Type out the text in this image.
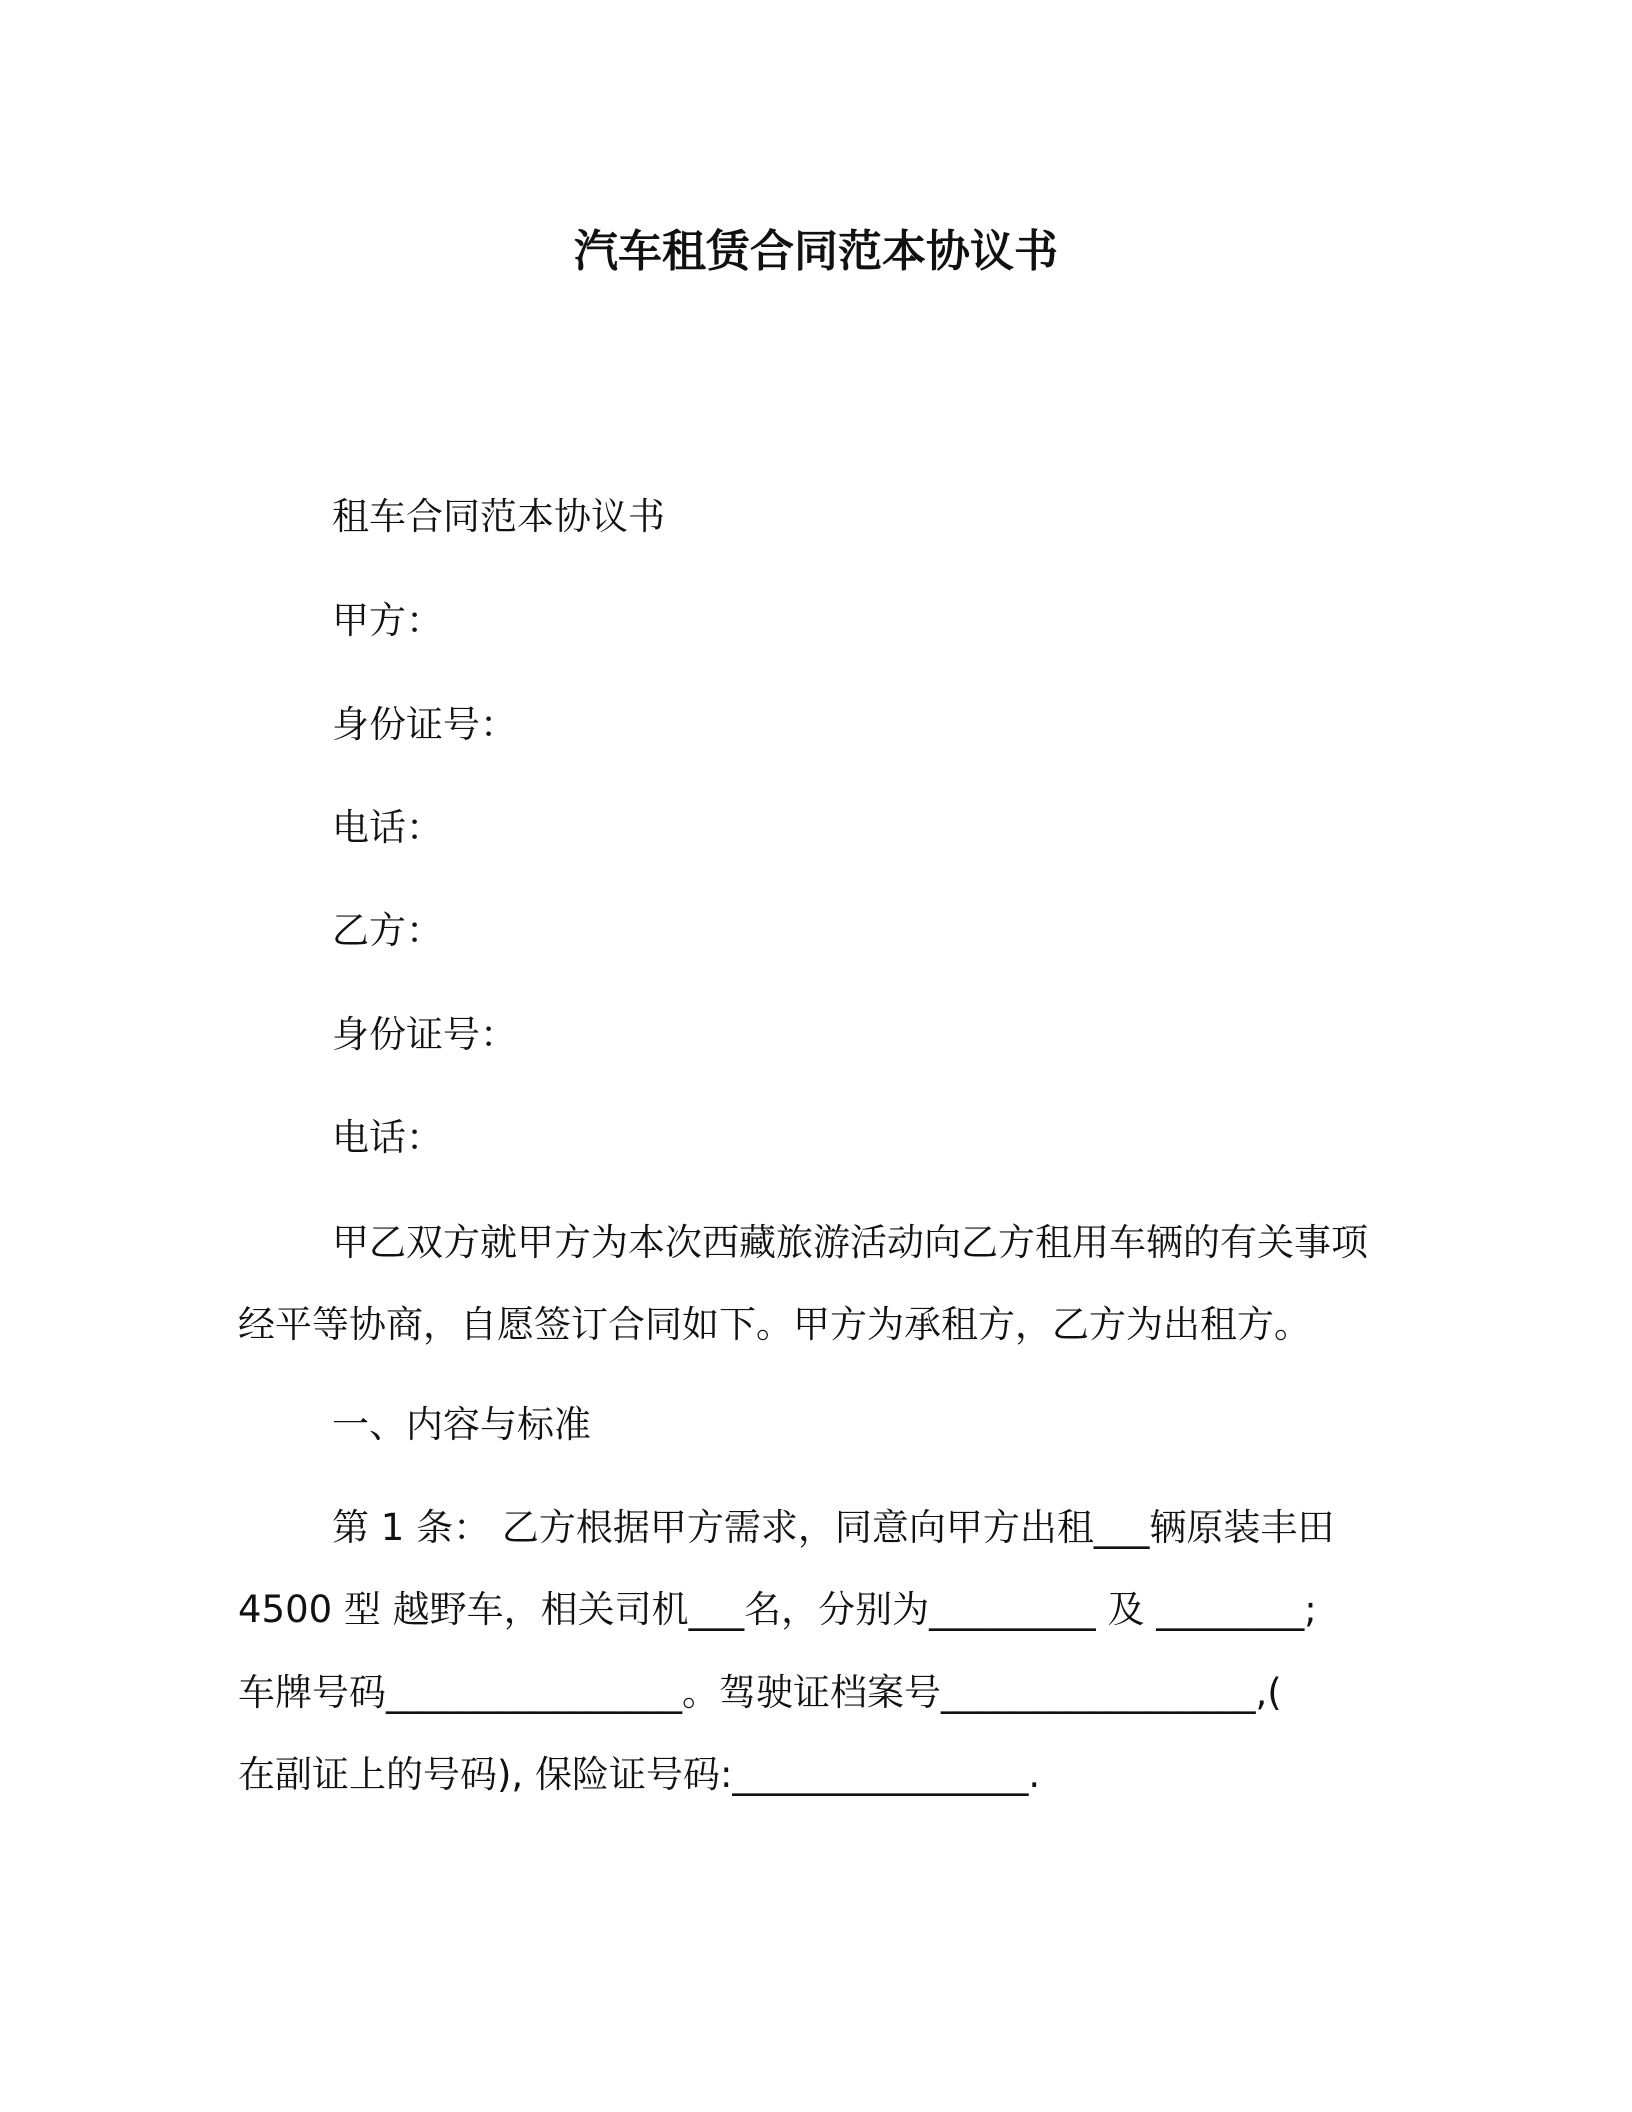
汽车租赁合同范本协议书
租车合同范本协议书
甲方：
身份证号：
电话：
乙方：
身份证号：
电话：
甲乙双方就甲方为本次西藏旅游活动向乙方租用车辆的有关事项
经平等协商，自愿签订合同如下。甲方为承租方，乙方为出租方。
一、内容与标准
第 1 条： 乙方根据甲方需求，同意向甲方出租___辆原装丰田
4500 型 越野车，相关司机___名，分别为_________ 及 ________;
车牌号码________________。驾驶证档案号_________________,(
在副证上的号码), 保险证号码:________________.
